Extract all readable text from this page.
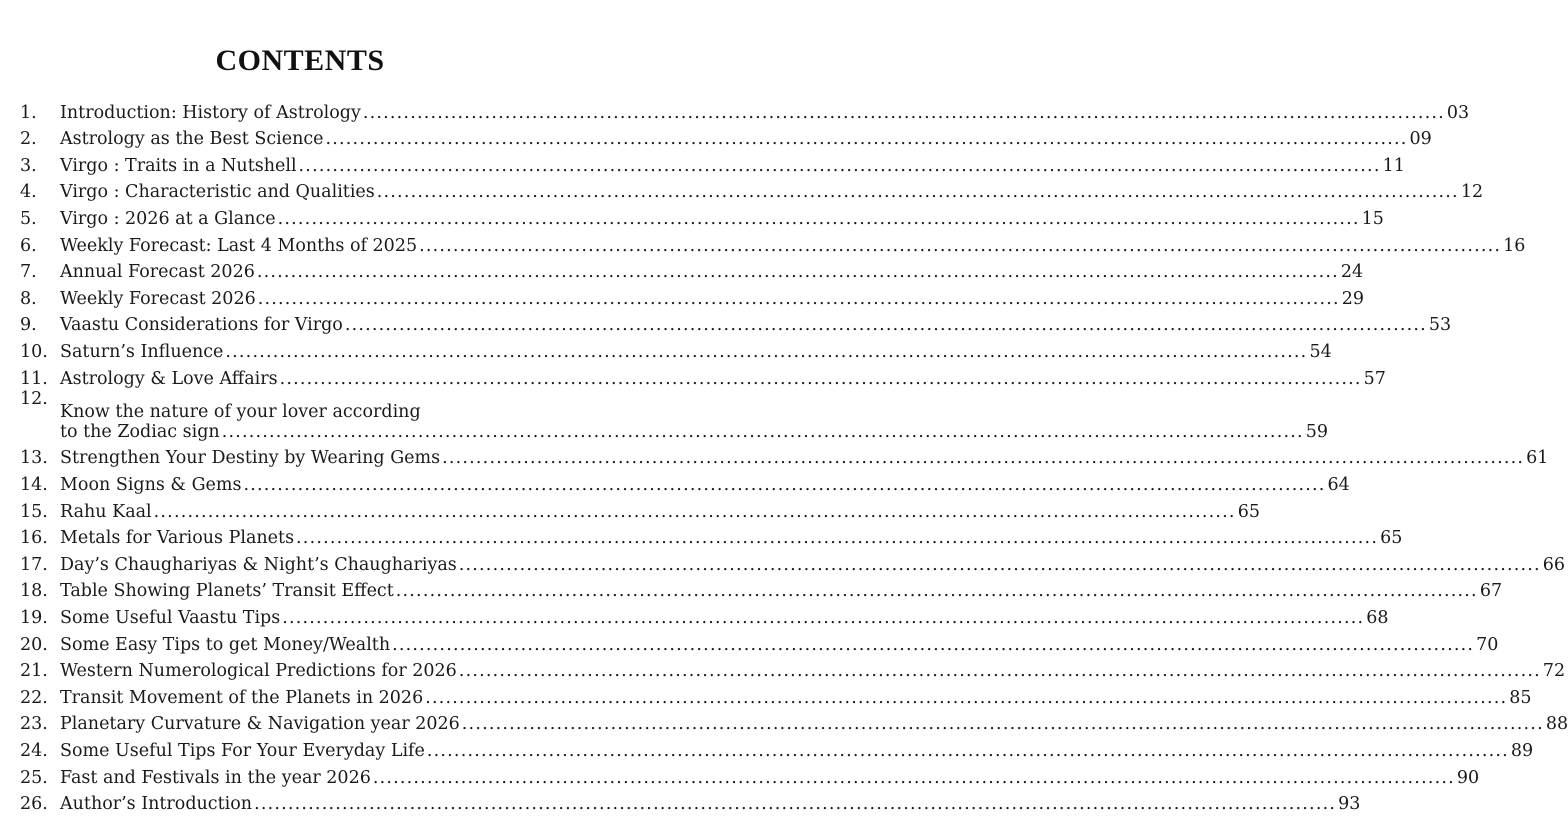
CONTENTS
1.	Introduction: History of Astrology .....	03
2.	Astrology as the Best Science .....	09
3.	Virgo : Traits in a Nutshell .....	11
4.	Virgo : Characteristic and Qualities .....	12
5.	Virgo : 2026 at a Glance .....	15
6.	Weekly Forecast: Last 4 Months of 2025 .....	16
7.	Annual Forecast 2026 .....	24
8.	Weekly Forecast 2026 .....	29
9.	Vaastu Considerations for Virgo .....	53
10. Saturn’s Influence .....	54
11. Astrology & Love Affairs .....	57
12.
Know the nature of your lover according
to the Zodiac sign .....	59
13. Strengthen Your Destiny by Wearing Gems .....	61
14. Moon Signs & Gems .....	64
15. Rahu Kaal .....	65
16. Metals for Various Planets .....	65
17. Day’s Chaughariyas & Night’s Chaughariyas .....	66
18. Table Showing Planets’ Transit Effect .....	67
19. Some Useful Vaastu Tips .....	68
20. Some Easy Tips to get Money/Wealth .....	70
21. Western Numerological Predictions for 2026 .....	72
22. Transit Movement of the Planets in 2026 .....	85
23. Planetary Curvature & Navigation year 2026 .....	88
24. Some Useful Tips For Your Everyday Life .....	89
25. Fast and Festivals in the year 2026 .....	90
26. Author’s Introduction .....	93
